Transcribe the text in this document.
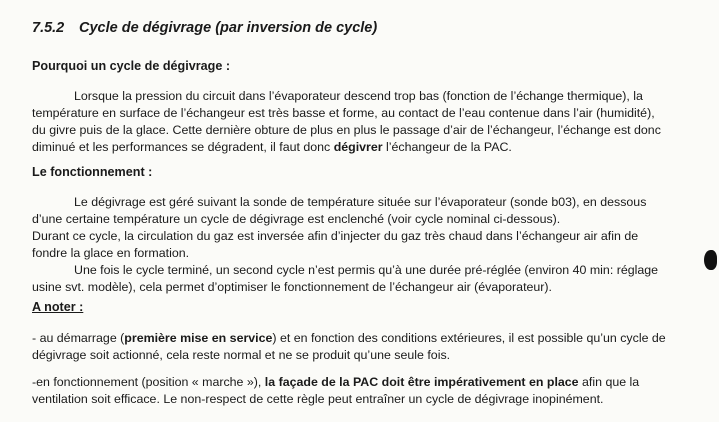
7.5.2 Cycle de dégivrage (par inversion de cycle)
Pourquoi un cycle de dégivrage :

Lorsque la pression du circuit dans l’évaporateur descend trop bas (fonction de l’échange thermique), la

température en surface de l’échangeur est très basse et forme, au contact de l’eau contenue dans l’air (humidité),

du givre puis de la glace. Cette dernière obture de plus en plus le passage d’air de l’échangeur, l’échange est donc

diminué et les performances se dégradent, il faut donc dégivrer l’échangeur de la PAC.

Le fonctionnement :

Le dégivrage est géré suivant la sonde de température située sur l’évaporateur (sonde b03), en dessous

d’une certaine température un cycle de dégivrage est enclenché (voir cycle nominal ci-dessous).

Durant ce cycle, la circulation du gaz est inversée afin d’injecter du gaz très chaud dans l’échangeur air afin de

fondre la glace en formation.

Une fois le cycle terminé, un second cycle n’est permis qu’à une durée pré-réglée (environ 40 min: réglage

usine svt. modèle), cela permet d’optimiser le fonctionnement de l’échangeur air (évaporateur).

A noter :

- au démarrage (première mise en service) et en fonction des conditions extérieures, il est possible qu’un cycle de

dégivrage soit actionné, cela reste normal et ne se produit qu’une seule fois.

-en fonctionnement (position « marche »), la façade de la PAC doit être impérativement en place afin que la

ventilation soit efficace. Le non-respect de cette règle peut entraîner un cycle de dégivrage inopinément.
